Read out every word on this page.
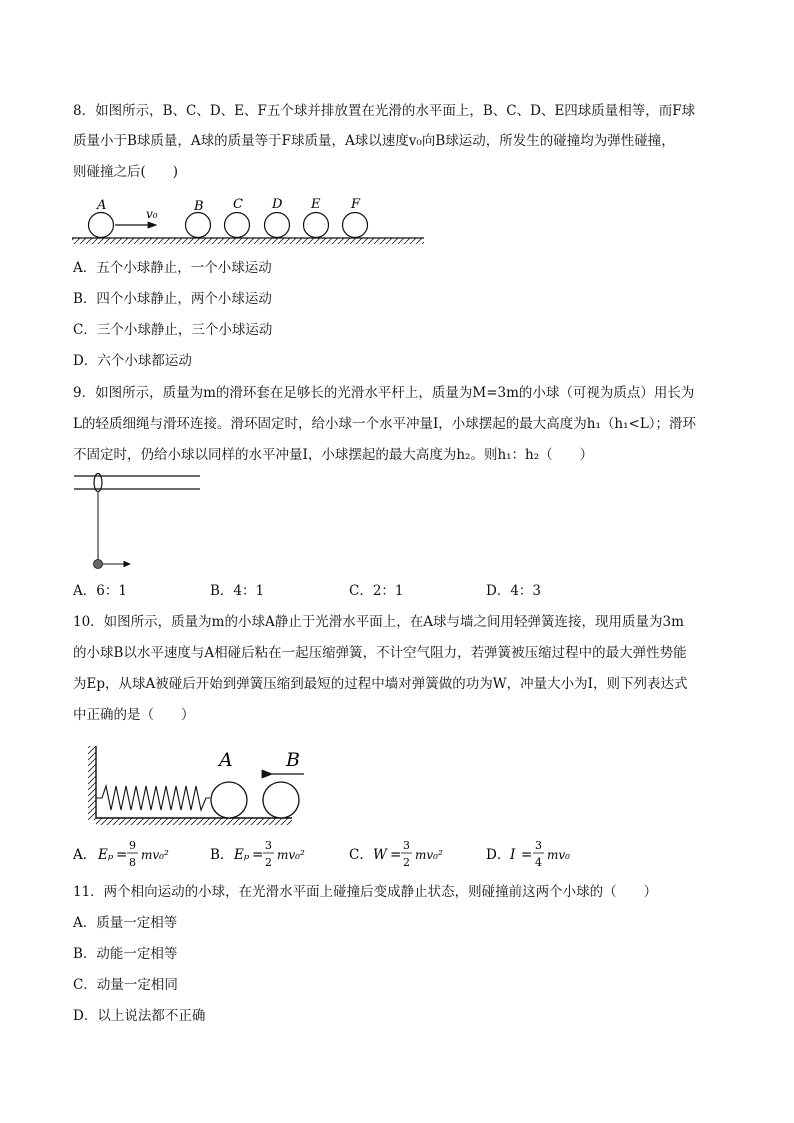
8．如图所示，B、C、D、E、F五个球并排放置在光滑的水平面上，B、C、D、E四球质量相等，而F球
质量小于B球质量，A球的质量等于F球质量，A球以速度v₀向B球运动，所发生的碰撞均为弹性碰撞，
则碰撞之后(　　)
v₀
A	B C D E F
A．五个小球静止，一个小球运动
B．四个小球静止，两个小球运动
C．三个小球静止，三个小球运动
D．六个小球都运动
9．如图所示，质量为m的滑环套在足够长的光滑水平杆上，质量为M=3m的小球（可视为质点）用长为
L的轻质细绳与滑环连接。滑环固定时，给小球一个水平冲量I，小球摆起的最大高度为h₁（h₁<L）；滑环
不固定时，仍给小球以同样的水平冲量I，小球摆起的最大高度为h₂。则h₁：h₂（　　）
A．6：1	B．4：1	C．2：1	D．4：3
10．如图所示，质量为m的小球A静止于光滑水平面上，在A球与墙之间用轻弹簧连接，现用质量为3m
的小球B以水平速度与A相碰后粘在一起压缩弹簧，不计空气阻力，若弹簧被压缩过程中的最大弹性势能
为Ep，从球A被碰后开始到弹簧压缩到最短的过程中墙对弹簧做的功为W，冲量大小为I，则下列表达式
中正确的是（　　）
A	B
A． Eₚ =
9
8
mv₀²	B． Eₚ =
3
2
mv₀²	C． W =
3
2
mv₀²	D． I =
3
4
mv₀
11．两个相向运动的小球，在光滑水平面上碰撞后变成静止状态，则碰撞前这两个小球的（　　）
A．质量一定相等
B．动能一定相等
C．动量一定相同
D．以上说法都不正确
